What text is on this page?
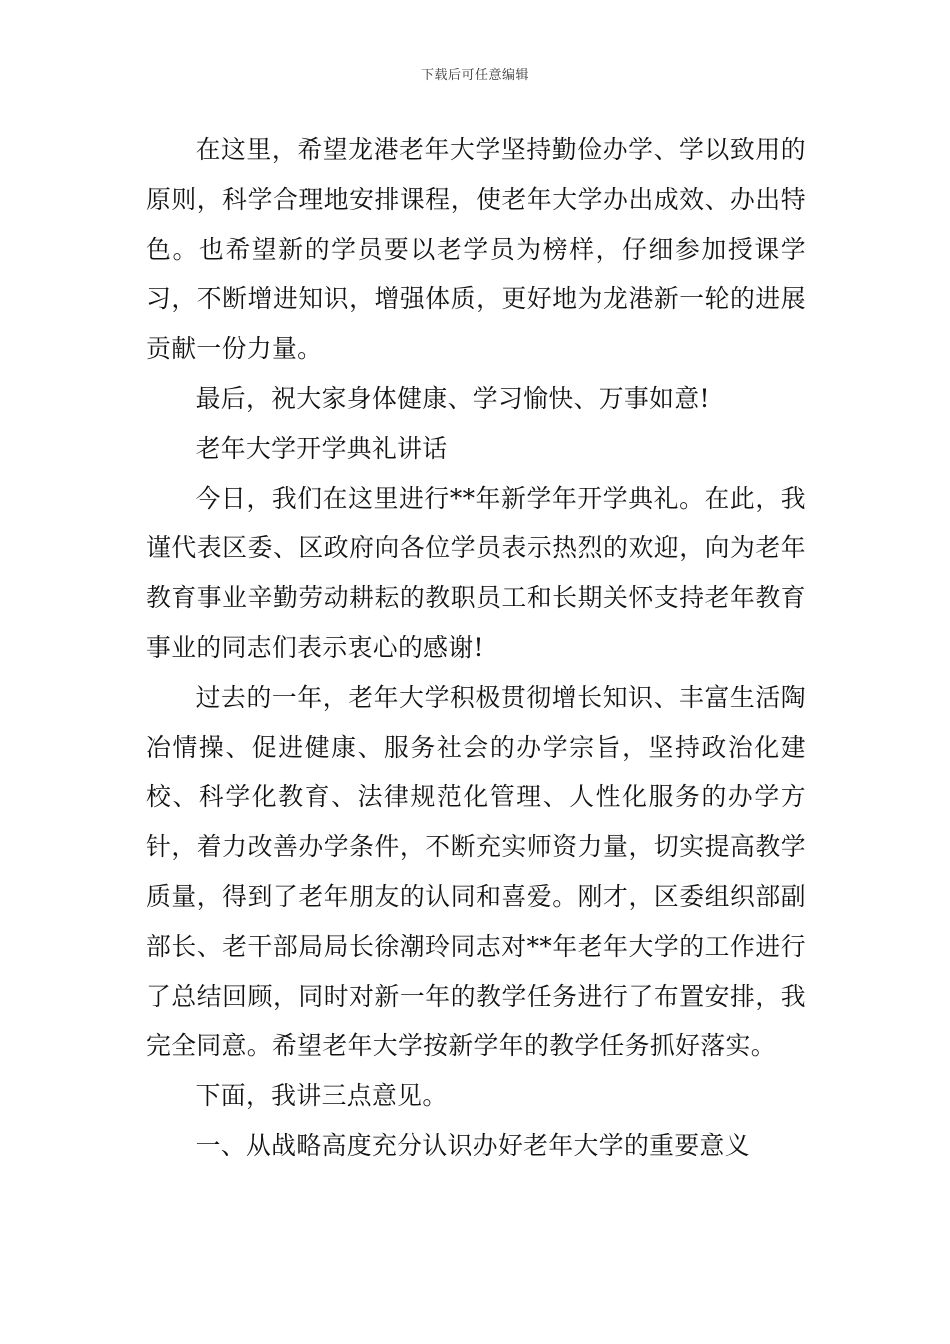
下载后可任意编辑

在这里，希望龙港老年大学坚持勤俭办学、学以致用的原则，科学合理地安排课程，使老年大学办出成效、办出特色。也希望新的学员要以老学员为榜样，仔细参加授课学习，不断增进知识，增强体质，更好地为龙港新一轮的进展贡献一份力量。

最后，祝大家身体健康、学习愉快、万事如意!

老年大学开学典礼讲话

今日，我们在这里进行**年新学年开学典礼。在此，我谨代表区委、区政府向各位学员表示热烈的欢迎，向为老年教育事业辛勤劳动耕耘的教职员工和长期关怀支持老年教育事业的同志们表示衷心的感谢!

过去的一年，老年大学积极贯彻增长知识、丰富生活陶冶情操、促进健康、服务社会的办学宗旨，坚持政治化建校、科学化教育、法律规范化管理、人性化服务的办学方针，着力改善办学条件，不断充实师资力量，切实提高教学质量，得到了老年朋友的认同和喜爱。刚才，区委组织部副部长、老干部局局长徐潮玲同志对**年老年大学的工作进行了总结回顾，同时对新一年的教学任务进行了布置安排，我完全同意。希望老年大学按新学年的教学任务抓好落实。

下面，我讲三点意见。

一、从战略高度充分认识办好老年大学的重要意义
